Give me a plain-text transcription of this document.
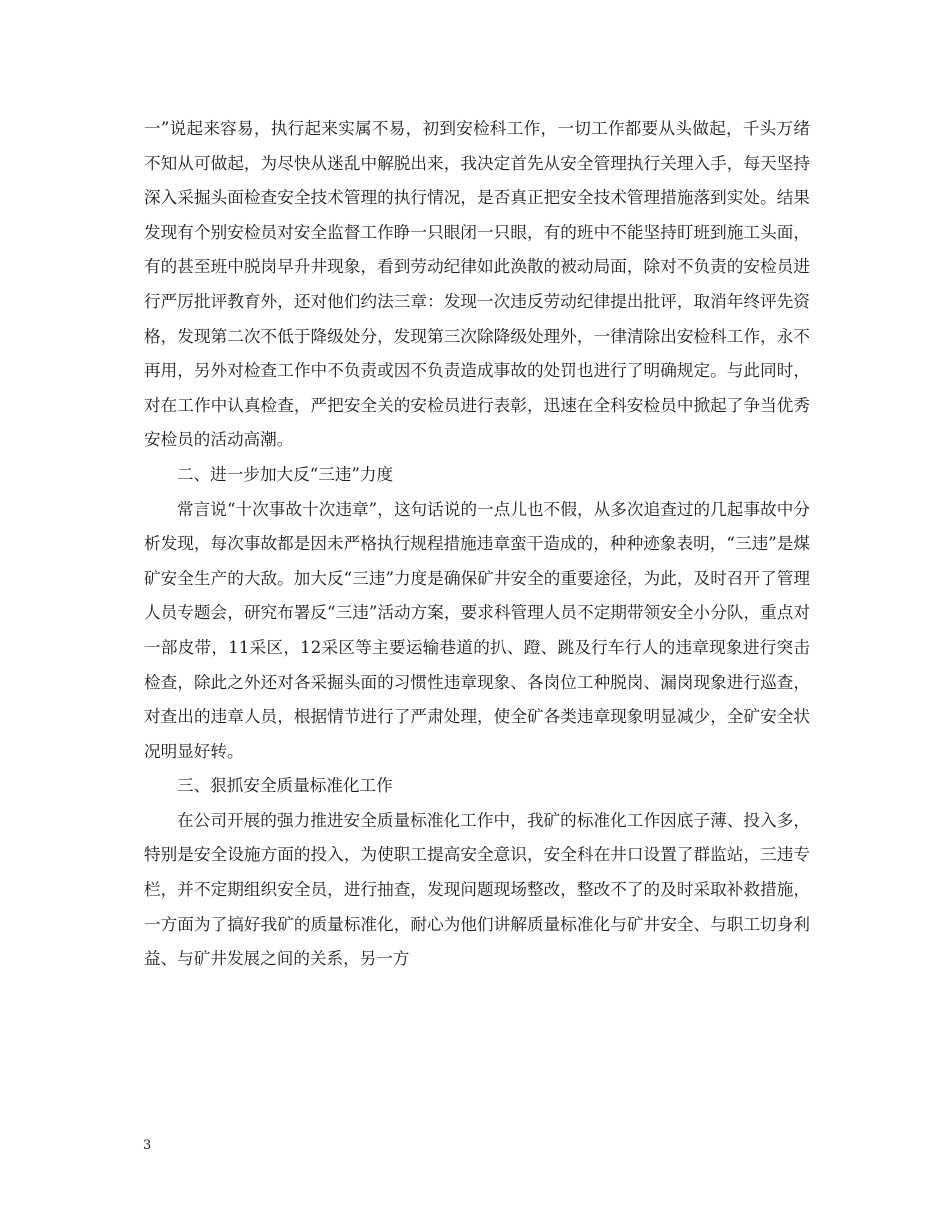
一”说起来容易，执行起来实属不易，初到安检科工作，一切工作都要从头做起，千头万绪不知从可做起，为尽快从迷乱中解脱出来，我决定首先从安全管理执行关理入手，每天坚持深入采掘头面检查安全技术管理的执行情况，是否真正把安全技术管理措施落到实处。结果发现有个别安检员对安全监督工作睁一只眼闭一只眼，有的班中不能坚持盯班到施工头面，有的甚至班中脱岗早升井现象，看到劳动纪律如此涣散的被动局面，除对不负责的安检员进行严厉批评教育外，还对他们约法三章：发现一次违反劳动纪律提出批评，取消年终评先资格，发现第二次不低于降级处分，发现第三次除降级处理外，一律清除出安检科工作，永不再用，另外对检查工作中不负责或因不负责造成事故的处罚也进行了明确规定。与此同时，对在工作中认真检查，严把安全关的安检员进行表彰，迅速在全科安检员中掀起了争当优秀安检员的活动高潮。

二、进一步加大反“三违”力度

常言说“十次事故十次违章”，这句话说的一点儿也不假，从多次追查过的几起事故中分析发现，每次事故都是因未严格执行规程措施违章蛮干造成的，种种迹象表明，“三违”是煤矿安全生产的大敌。加大反“三违”力度是确保矿井安全的重要途径，为此，及时召开了管理人员专题会，研究布署反“三违”活动方案，要求科管理人员不定期带领安全小分队，重点对一部皮带，11采区，12采区等主要运输巷道的扒、蹬、跳及行车行人的违章现象进行突击检查，除此之外还对各采掘头面的习惯性违章现象、各岗位工种脱岗、漏岗现象进行巡查，对查出的违章人员，根据情节进行了严肃处理，使全矿各类违章现象明显减少，全矿安全状况明显好转。

三、狠抓安全质量标准化工作

在公司开展的强力推进安全质量标准化工作中，我矿的标准化工作因底子薄、投入多，特别是安全设施方面的投入，为使职工提高安全意识，安全科在井口设置了群监站，三违专栏，并不定期组织安全员，进行抽查，发现问题现场整改，整改不了的及时采取补救措施，一方面为了搞好我矿的质量标准化，耐心为他们讲解质量标准化与矿井安全、与职工切身利益、与矿井发展之间的关系，另一方

3
